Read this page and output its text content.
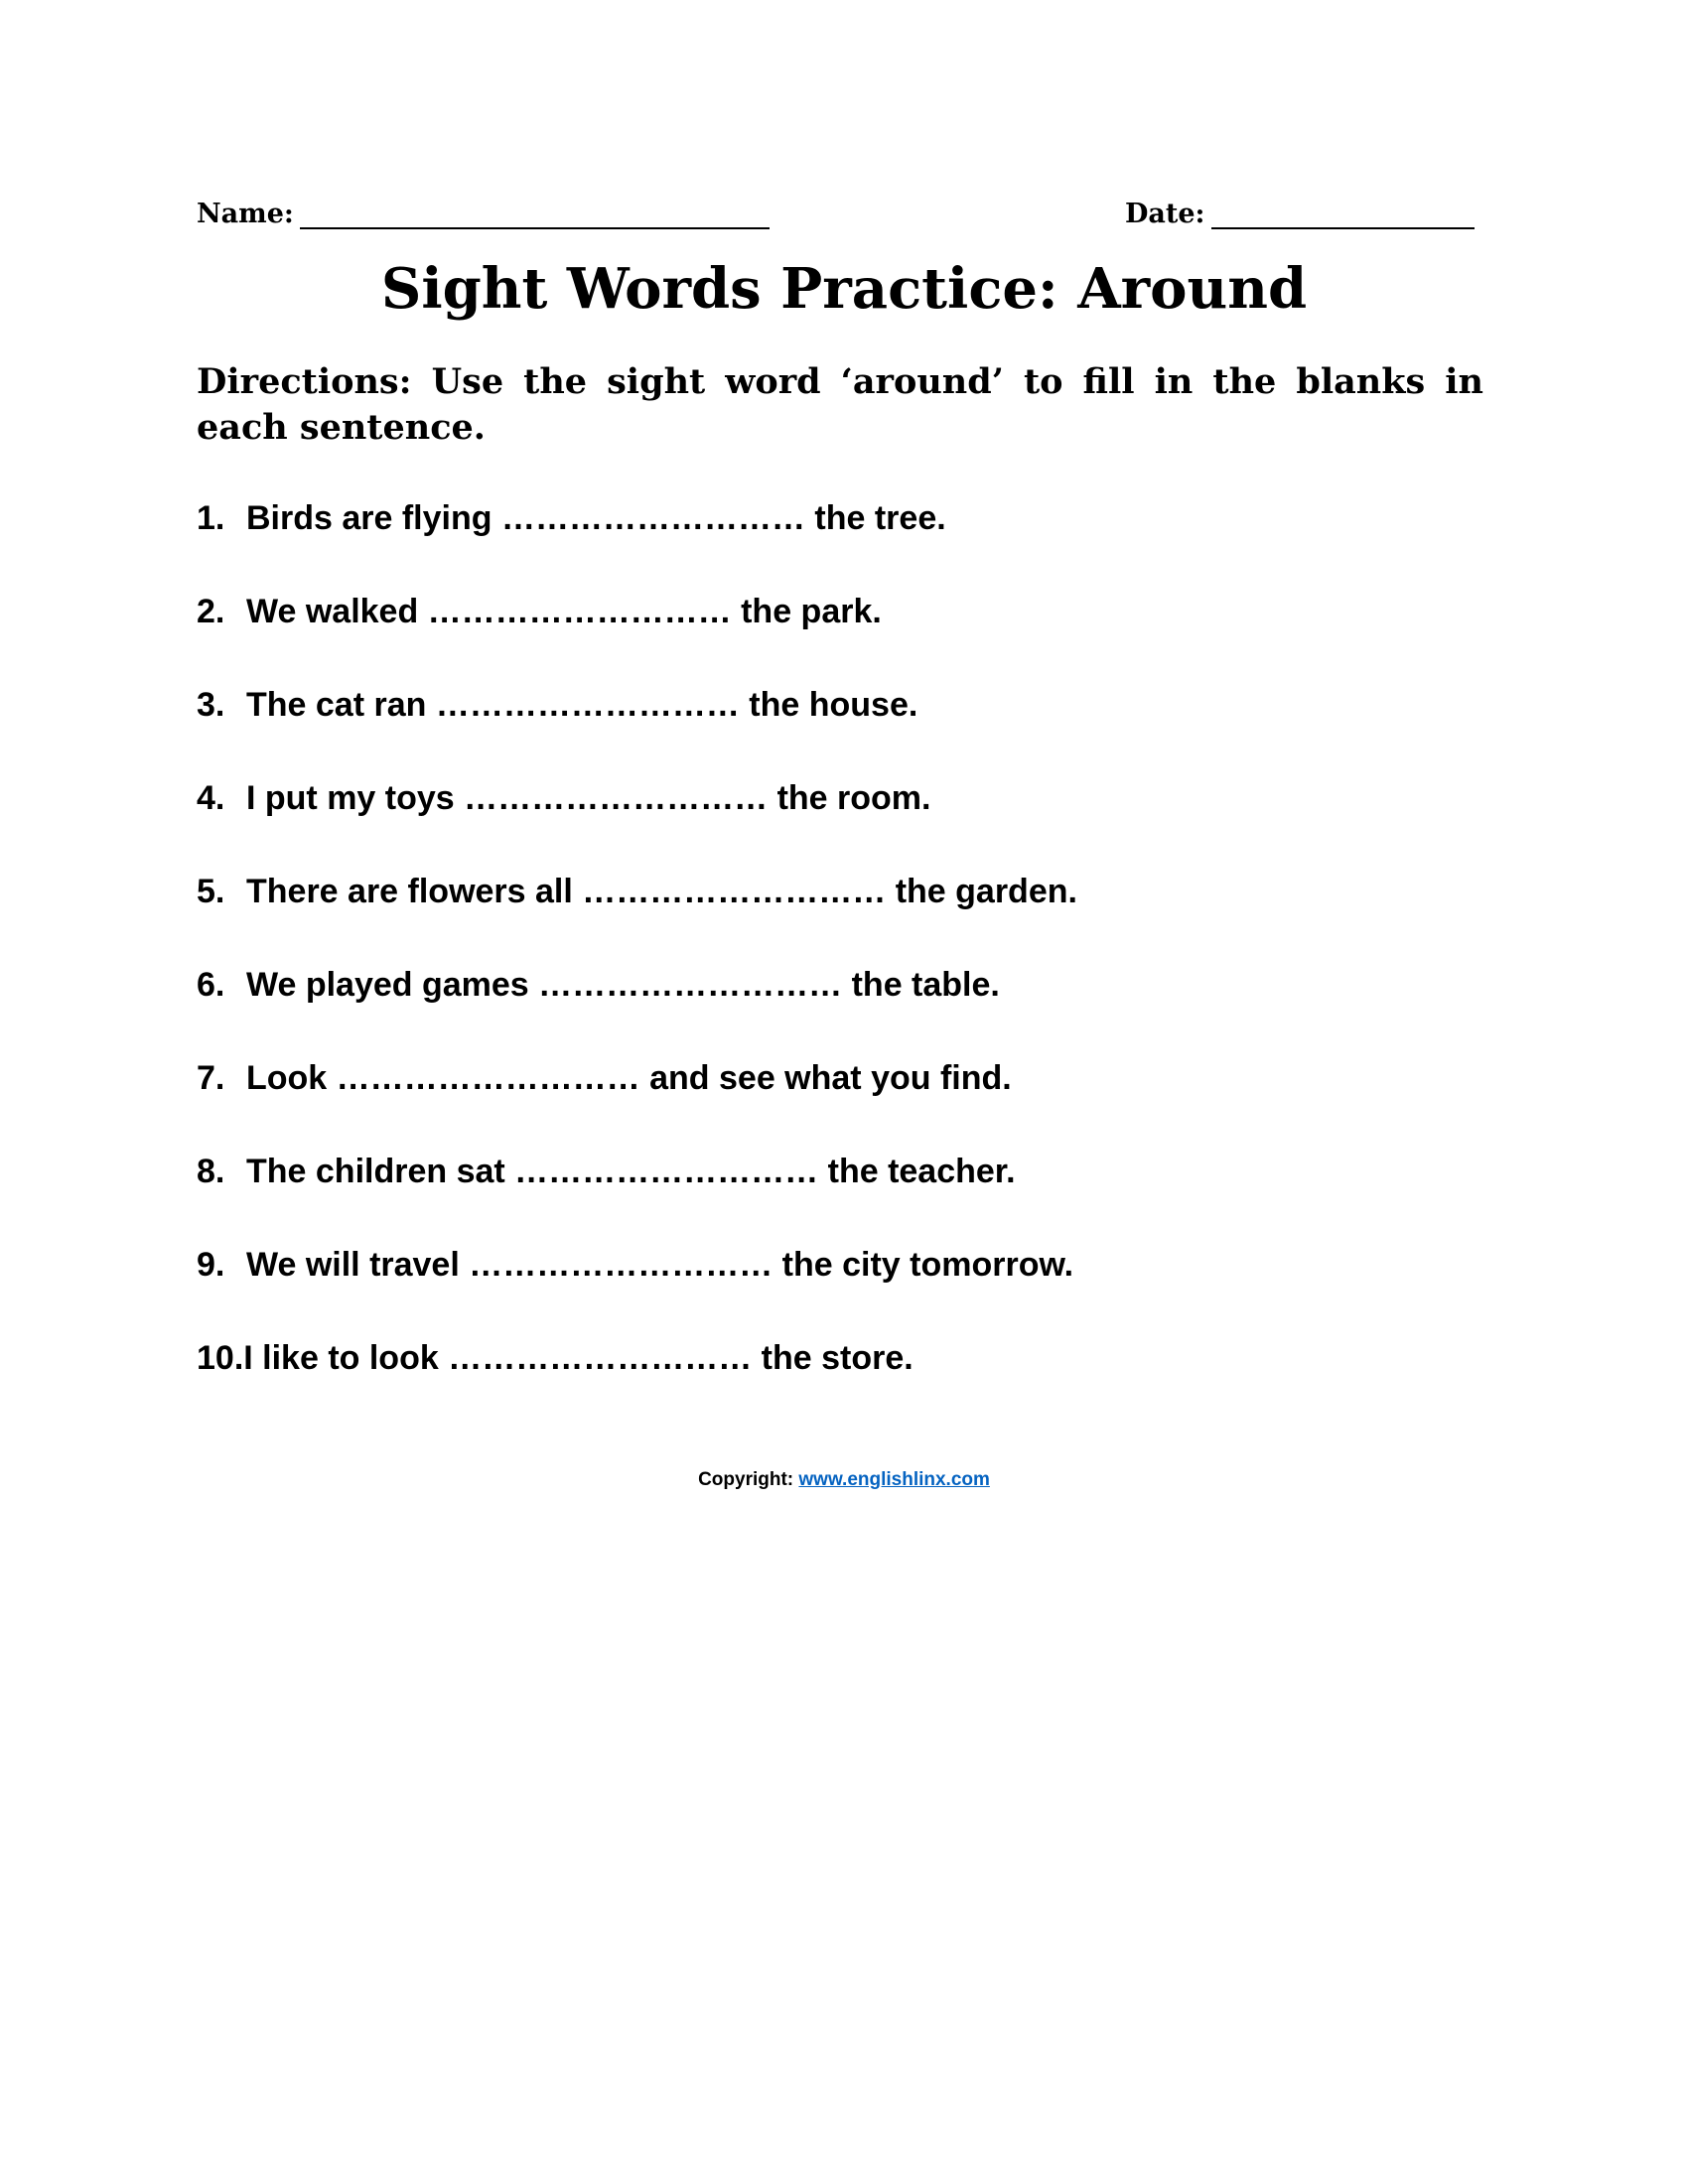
Name:	Date:
Sight Words Practice: Around
Directions: Use the sight word ‘around’ to fill in the blanks in each sentence.
1. Birds are flying ……………………… the tree.
2. We walked ……………………… the park.
3. The cat ran ……………………… the house.
4. I put my toys ……………………… the room.
5. There are flowers all ……………………… the garden.
6. We played games ……………………… the table.
7. Look ……………………… and see what you find.
8. The children sat ……………………… the teacher.
9. We will travel ……………………… the city tomorrow.
10. I like to look ……………………… the store.
Copyright: www.englishlinx.com
